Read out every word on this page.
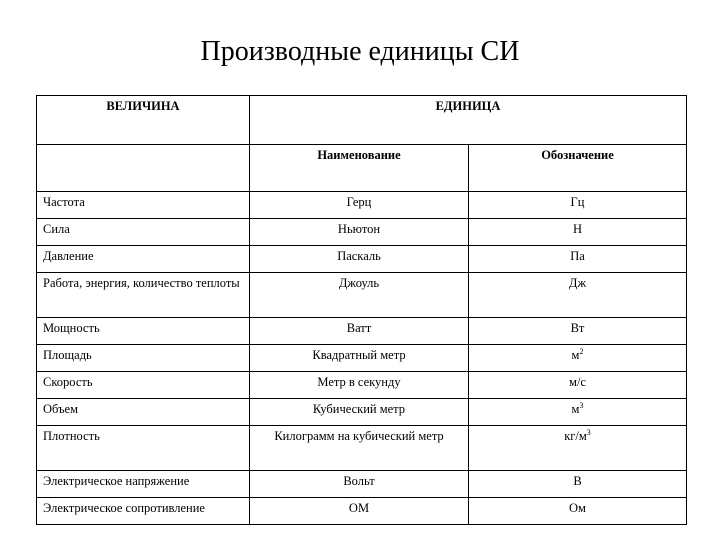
Производные единицы СИ
ВЕЛИЧИНА	ЕДИНИЦА	
	Наименование	Обозначение
Частота	Герц	Гц
Сила	Ньютон	Н
Давление	Паскаль	Па
Работа, энергия, количество теплоты	Джоуль	Дж
Мощность	Ватт	Вт
Площадь	Квадратный метр	$м^2$
Скорость	Метр в секунду	м/с
Объем	Кубический метр	$м^3$
Плотность	Килограмм на кубический метр	$кг/м^3$
Электрическое напряжение	Вольт	В
Электрическое сопротивление	ОМ	Ом
